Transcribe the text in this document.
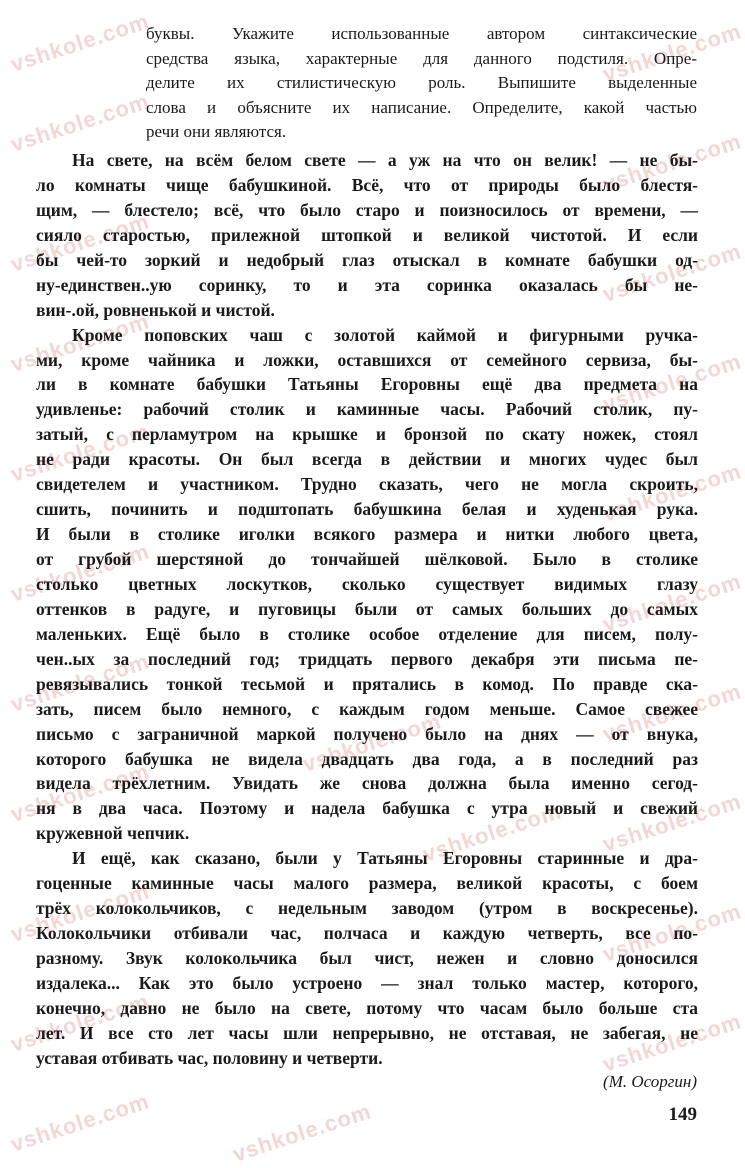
vshkole.com
vshkole.com
vshkole.com
vshkole.com
vshkole.com
vshkole.com
vshkole.com
vshkole.com
vshkole.com
vshkole.com
vshkole.com
vshkole.com
vshkole.com
vshkole.com
vshkole.com
vshkole.com
vshkole.com
vshkole.com
vshkole.com
vshkole.com
vshkole.com
vshkole.com
vshkole.com
vshkole.com
буквы. Укажите использованные автором синтаксические
средства языка, характерные для данного подстиля. Опре-
делите их стилистическую роль. Выпишите выделенные
слова и объясните их написание. Определите, какой частью
речи они являются.
На свете, на всём белом свете — а уж на что он велик! — не бы-
ло комнаты чище бабушкиной. Всё, что от природы было блестя-
щим, — блестело; всё, что было старо и поизносилось от времени, —
сияло старостью, прилежной штопкой и великой чистотой. И если
бы чей-то зоркий и недобрый глаз отыскал в комнате бабушки од-
ну-единствен..ую соринку, то и эта соринка оказалась бы не-
вин-.ой, ровненькой и чистой.
Кроме поповских чаш с золотой каймой и фигурными ручка-
ми, кроме чайника и ложки, оставшихся от семейного сервиза, бы-
ли в комнате бабушки Татьяны Егоровны ещё два предмета на
удивленье: рабочий столик и каминные часы. Рабочий столик, пу-
затый, с перламутром на крышке и бронзой по скату ножек, стоял
не ради красоты. Он был всегда в действии и многих чудес был
свидетелем и участником. Трудно сказать, чего не могла скроить,
сшить, починить и подштопать бабушкина белая и худенькая рука.
И были в столике иголки всякого размера и нитки любого цвета,
от грубой шерстяной до тончайшей шёлковой. Было в столике
столько цветных лоскутков, сколько существует видимых глазу
оттенков в радуге, и пуговицы были от самых больших до самых
маленьких. Ещё было в столике особое отделение для писем, полу-
чен..ых за последний год; тридцать первого декабря эти письма пе-
ревязывались тонкой тесьмой и прятались в комод. По правде ска-
зать, писем было немного, с каждым годом меньше. Самое свежее
письмо с заграничной маркой получено было на днях — от внука,
которого бабушка не видела двадцать два года, а в последний раз
видела трёхлетним. Увидать же снова должна была именно сегод-
ня в два часа. Поэтому и надела бабушка с утра новый и свежий
кружевной чепчик.
И ещё, как сказано, были у Татьяны Егоровны старинные и дра-
гоценные каминные часы малого размера, великой красоты, с боем
трёх колокольчиков, с недельным заводом (утром в воскресенье).
Колокольчики отбивали час, полчаса и каждую четверть, все по-
разному. Звук колокольчика был чист, нежен и словно доносился
издалека... Как это было устроено — знал только мастер, которого,
конечно, давно не было на свете, потому что часам было больше ста
лет. И все сто лет часы шли непрерывно, не отставая, не забегая, не
уставая отбивать час, половину и четверти.
(М. Осоргин)
149
